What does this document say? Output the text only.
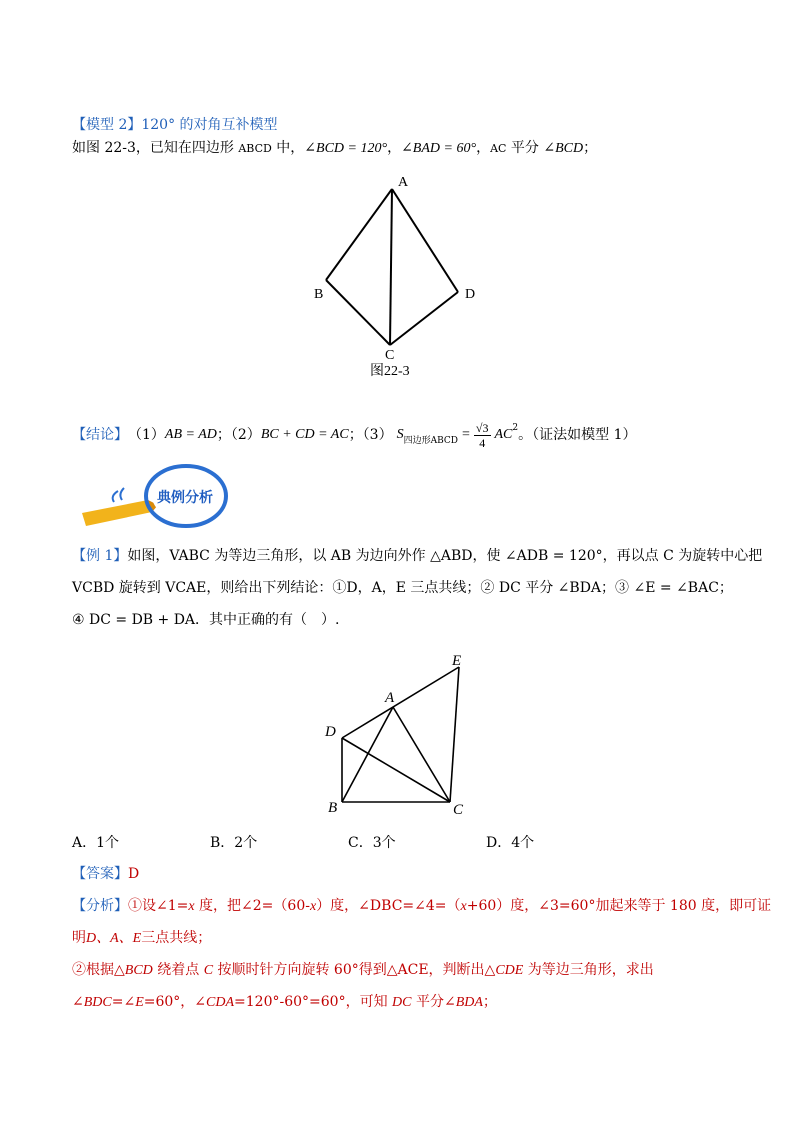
【模型 2】120° 的对角互补模型
如图 22-3，已知在四边形 ABCD 中，∠BCD = 120°，∠BAD = 60°，AC 平分 ∠BCD；
A
B
C
D
图22-3
【结论】 （1） AB = AD ；（2） BC + CD = AC ；（3） S 四边形ABCD = $\frac{√3}{4}$ AC 2 。（证法如模型 1）
典例分析
【例 1】如图，VABC 为等边三角形，以 AB 为边向外作 △ABD，使 ∠ADB = 120°，再以点 C 为旋转中心把
VCBD 旋转到 VCAE，则给出下列结论：①D，A，E 三点共线；② DC 平分 ∠BDA；③ ∠E = ∠BAC；
④ DC = DB + DA．其中正确的有（　）.
A
B	C
D
E
A．1个	B．2个	C．3个	D．4个
【答案】D
【分析】①设∠1=x 度，把∠2=（60-x）度，∠DBC=∠4=（x+60）度，∠3=60°加起来等于 180 度，即可证
明D、A、E三点共线；
②根据△BCD 绕着点 C 按顺时针方向旋转 60°得到△ACE，判断出△CDE 为等边三角形，求出
∠BDC=∠E=60°，∠CDA=120°-60°=60°，可知 DC 平分∠BDA；
